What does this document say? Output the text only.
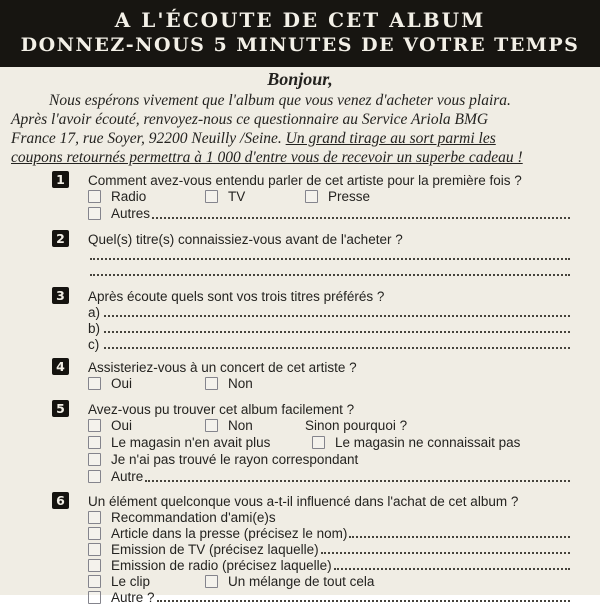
A L'ÉCOUTE DE CET ALBUM
DONNEZ-NOUS 5 MINUTES DE VOTRE TEMPS
Bonjour,
Nous espérons vivement que l'album que vous venez d'acheter vous plaira.
Après l'avoir écouté, renvoyez-nous ce questionnaire au Service Ariola BMG
France 17, rue Soyer, 92200 Neuilly /Seine. Un grand tirage au sort parmi les
coupons retournés permettra à 1 000 d'entre vous de recevoir un superbe cadeau !
1	Comment avez-vous entendu parler de cet artiste pour la première fois ?
Radio	TV	Presse
Autres
2	Quel(s) titre(s) connaissiez-vous avant de l'acheter ?
3	Après écoute quels sont vos trois titres préférés ?
a)
b)
c)
4	Assisteriez-vous à un concert de cet artiste ?
Oui	Non
5	Avez-vous pu trouver cet album facilement ?
Oui	Non	Sinon pourquoi ?
Le magasin n'en avait plus	Le magasin ne connaissait pas
Je n'ai pas trouvé le rayon correspondant
Autre
6	Un élément quelconque vous a-t-il influencé dans l'achat de cet album ?
Recommandation d'ami(e)s
Article dans la presse (précisez le nom)
Emission de TV (précisez laquelle)
Emission de radio (précisez laquelle)
Le clip	Un mélange de tout cela
Autre ?
